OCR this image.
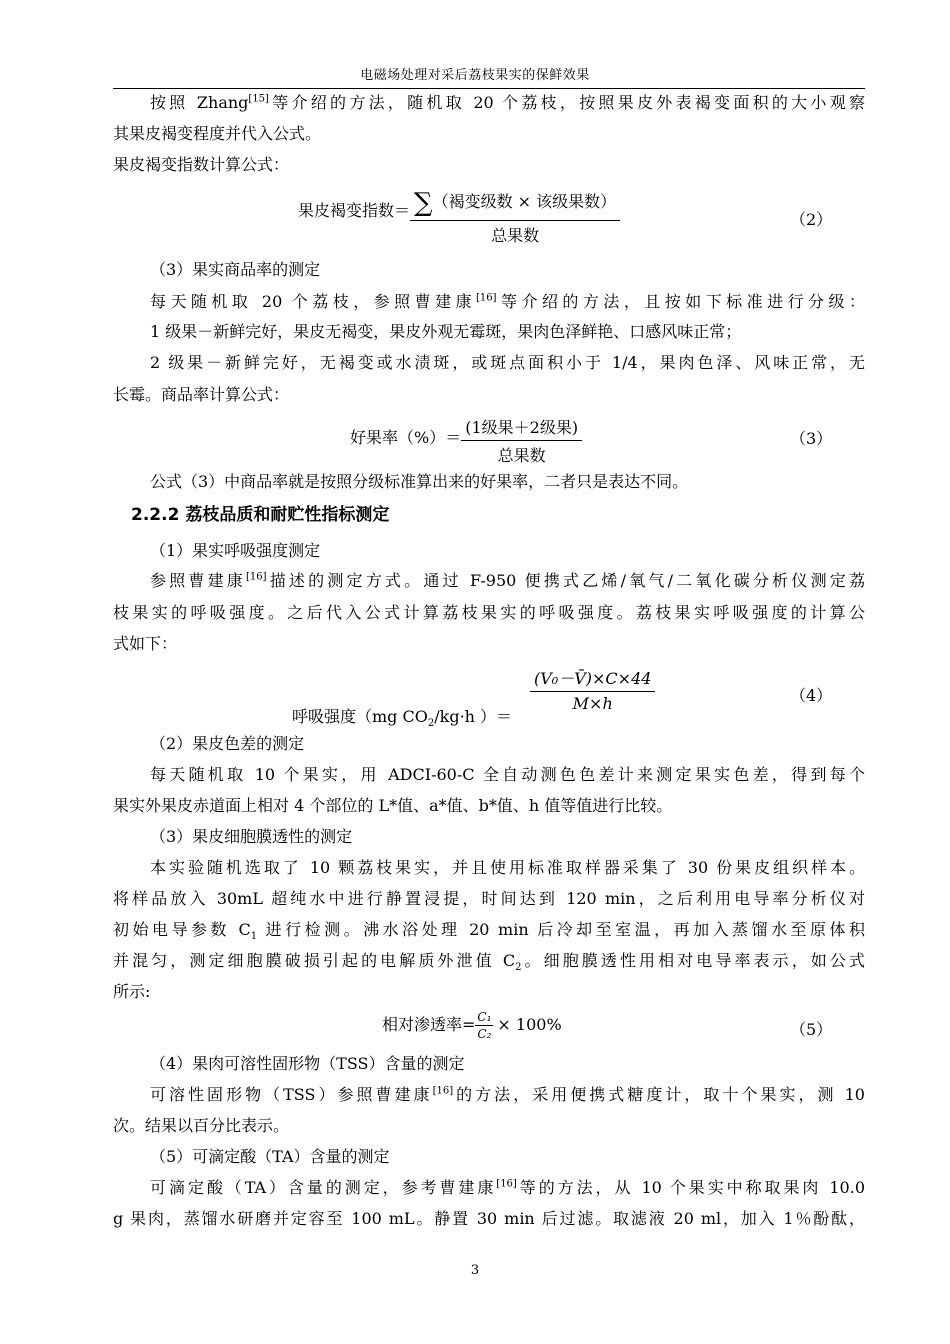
电磁场处理对采后荔枝果实的保鲜效果
按照 Zhang[15]等介绍的方法，随机取 20 个荔枝，按照果皮外表褐变面积的大小观察
其果皮褐变程度并代入公式。
果皮褐变指数计算公式：
果皮褐变指数＝ $\frac{\text{∑（褐变级数 × 该级果数）}}{\text{总果数}}$	（2）
（3）果实商品率的测定
每天随机取 20 个荔枝，参照曹建康[16]等介绍的方法，且按如下标准进行分级：
1 级果－新鲜完好，果皮无褐变，果皮外观无霉斑，果肉色泽鲜艳、口感风味正常；
2 级果－新鲜完好，无褐变或水渍斑，或斑点面积小于 1/4，果肉色泽、风味正常，无
长霉。商品率计算公式：
好果率（%）＝ $\frac{\text{(1级果＋2级果)}}{\text{总果数}}$	（3）
公式（3）中商品率就是按照分级标准算出来的好果率，二者只是表达不同。
2.2.2 荔枝品质和耐贮性指标测定
（1）果实呼吸强度测定
参照曹建康[16]描述的测定方式。通过 F-950 便携式乙烯/氧气/二氧化碳分析仪测定荔
枝果实的呼吸强度。之后代入公式计算荔枝果实的呼吸强度。荔枝果实呼吸强度的计算公
式如下：
$\frac{\text{(V₀－V̄)×C×44}}{M\times h}$
呼吸强度（mg $CO_2/kg\cdot h$ ）＝
（4）
（2）果皮色差的测定
每天随机取 10 个果实，用 ADCI-60-C 全自动测色色差计来测定果实色差，得到每个
果实外果皮赤道面上相对 4 个部位的 L*值、a*值、b*值、h 值等值进行比较。
（3）果皮细胞膜透性的测定
本实验随机选取了 10 颗荔枝果实，并且使用标准取样器采集了 30 份果皮组织样本。
将样品放入 30mL 超纯水中进行静置浸提，时间达到 120 min，之后利用电导率分析仪对
初始电导参数 $C_1$ 进行检测。沸水浴处理 20 min 后冷却至室温，再加入蒸馏水至原体积
并混匀，测定细胞膜破损引起的电解质外泄值 $C_2$。细胞膜透性用相对电导率表示，如公式
所示:
相对渗透率= $\frac{\text{C₁}}{\text{C₂}} \times 100\%$	（5）
（4）果肉可溶性固形物（TSS）含量的测定
可溶性固形物（TSS）参照曹建康[16]的方法，采用便携式糖度计，取十个果实，测 10
次。结果以百分比表示。
（5）可滴定酸（TA）含量的测定
可滴定酸（TA）含量的测定，参考曹建康[16]等的方法，从 10 个果实中称取果肉 10.0
g 果肉，蒸馏水研磨并定容至 100 mL。静置 30 min 后过滤。取滤液 20 ml，加入 1％酚酞，
3
